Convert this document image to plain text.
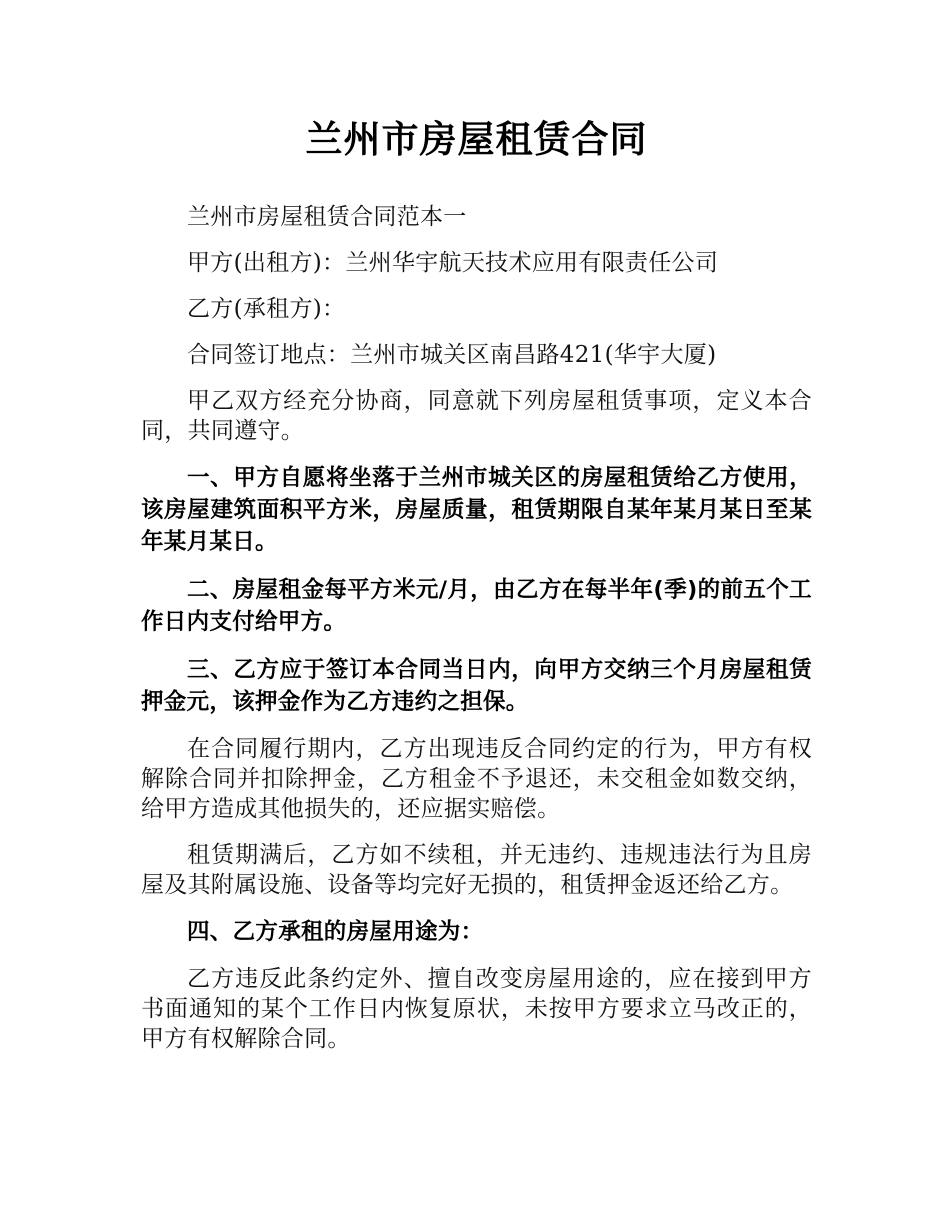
兰州市房屋租赁合同

兰州市房屋租赁合同范本一

甲方(出租方)：兰州华宇航天技术应用有限责任公司

乙方(承租方)：

合同签订地点：兰州市城关区南昌路421(华宇大厦)

甲乙双方经充分协商，同意就下列房屋租赁事项，定义本合同，共同遵守。

一、甲方自愿将坐落于兰州市城关区的房屋租赁给乙方使用，该房屋建筑面积平方米，房屋质量，租赁期限自某年某月某日至某年某月某日。

二、房屋租金每平方米元/月，由乙方在每半年(季)的前五个工作日内支付给甲方。

三、乙方应于签订本合同当日内，向甲方交纳三个月房屋租赁押金元，该押金作为乙方违约之担保。

在合同履行期内，乙方出现违反合同约定的行为，甲方有权解除合同并扣除押金，乙方租金不予退还，未交租金如数交纳，给甲方造成其他损失的，还应据实赔偿。

租赁期满后，乙方如不续租，并无违约、违规违法行为且房屋及其附属设施、设备等均完好无损的，租赁押金返还给乙方。

四、乙方承租的房屋用途为：

乙方违反此条约定外、擅自改变房屋用途的，应在接到甲方书面通知的某个工作日内恢复原状，未按甲方要求立马改正的，甲方有权解除合同。
